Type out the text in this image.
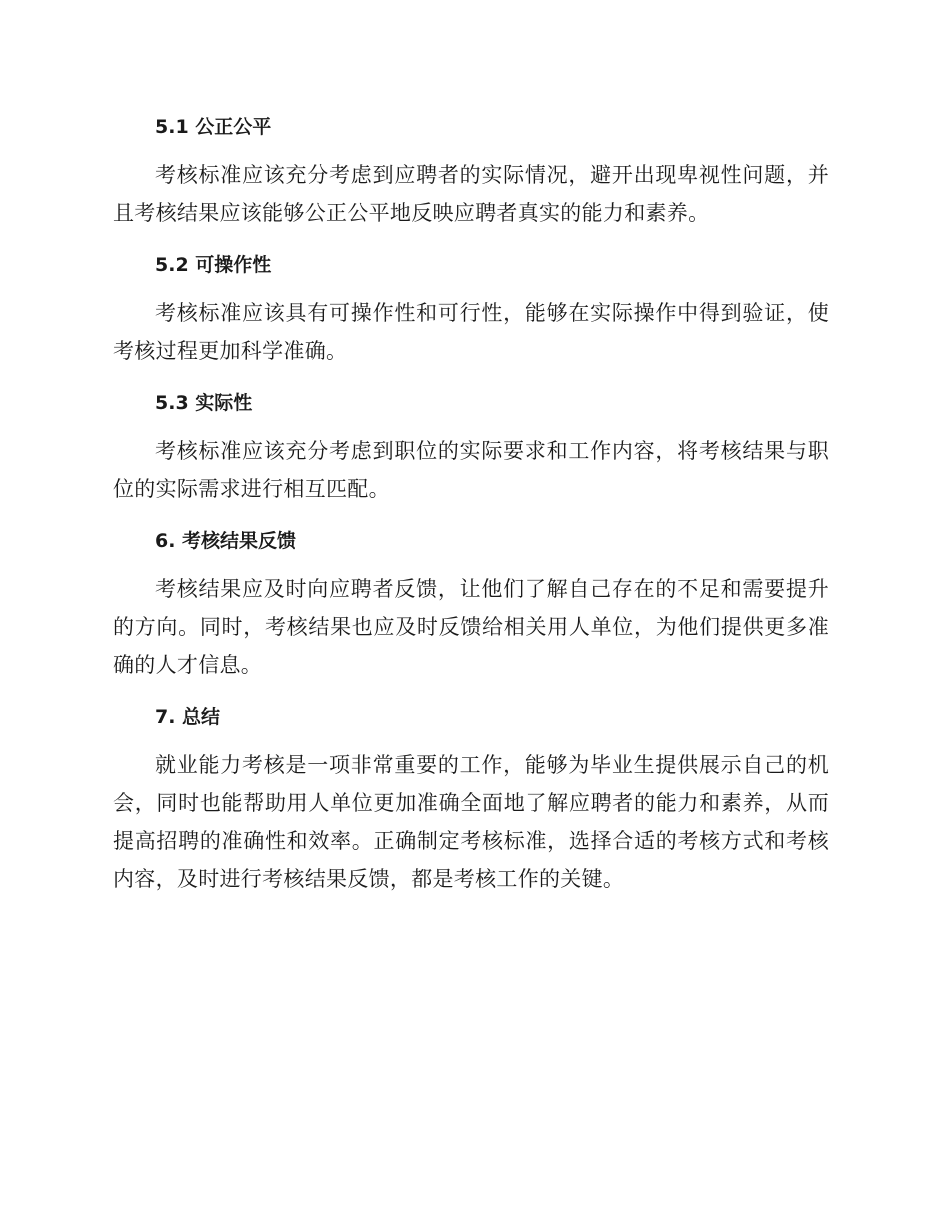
5.1 公正公平

考核标准应该充分考虑到应聘者的实际情况，避开出现卑视性问题，并且考核结果应该能够公正公平地反映应聘者真实的能力和素养。

5.2 可操作性

考核标准应该具有可操作性和可行性，能够在实际操作中得到验证，使考核过程更加科学准确。

5.3 实际性

考核标准应该充分考虑到职位的实际要求和工作内容，将考核结果与职位的实际需求进行相互匹配。

6. 考核结果反馈

考核结果应及时向应聘者反馈，让他们了解自己存在的不足和需要提升的方向。同时，考核结果也应及时反馈给相关用人单位，为他们提供更多准确的人才信息。

7. 总结

就业能力考核是一项非常重要的工作，能够为毕业生提供展示自己的机会，同时也能帮助用人单位更加准确全面地了解应聘者的能力和素养，从而提高招聘的准确性和效率。正确制定考核标准，选择合适的考核方式和考核内容，及时进行考核结果反馈，都是考核工作的关键。
